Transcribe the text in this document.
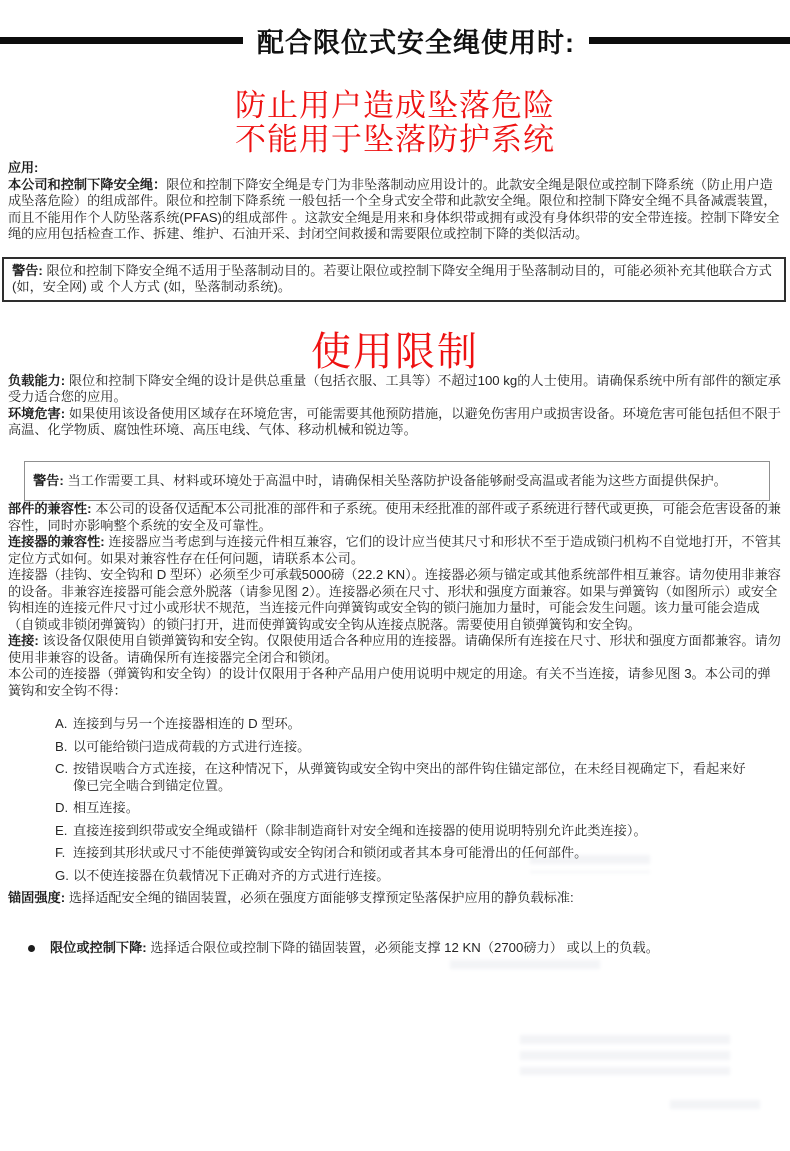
配合限位式安全绳使用时:
防止用户造成坠落危险
不能用于坠落防护系统
应用:

本公司和控制下降安全绳：限位和控制下降安全绳是专门为非坠落制动应用设计的。此款安全绳是限位或控制下降系统（防止用户造成坠落危险）的组成部件。限位和控制下降系统 一般包括一个全身式安全带和此款安全绳。限位和控制下降安全绳不具备减震装置，而且不能用作个人防坠落系统(PFAS)的组成部件 。这款安全绳是用来和身体织带或拥有或没有身体织带的安全带连接。控制下降安全绳的应用包括检查工作、拆建、维护、石油开采、封闭空间救援和需要限位或控制下降的类似活动。

警告: 限位和控制下降安全绳不适用于坠落制动目的。若要让限位或控制下降安全绳用于坠落制动目的，可能必须补充其他联合方式 (如，安全网) 或 个人方式 (如，坠落制动系统)。

使用限制

负载能力: 限位和控制下降安全绳的设计是供总重量（包括衣服、工具等）不超过100 kg的人士使用。请确保系统中所有部件的额定承受力适合您的应用。

环境危害: 如果使用该设备使用区域存在环境危害，可能需要其他预防措施，以避免伤害用户或损害设备。环境危害可能包括但不限于高温、化学物质、腐蚀性环境、高压电线、气体、移动机械和锐边等。

警告: 当工作需要工具、材料或环境处于高温中时，请确保相关坠落防护设备能够耐受高温或者能为这些方面提供保护。

部件的兼容性: 本公司的设备仅适配本公司批准的部件和子系统。使用未经批准的部件或子系统进行替代或更换，可能会危害设备的兼容性，同时亦影响整个系统的安全及可靠性。

连接器的兼容性: 连接器应当考虑到与连接元件相互兼容，它们的设计应当使其尺寸和形状不至于造成锁闩机构不自觉地打开，不管其定位方式如何。如果对兼容性存在任何问题，请联系本公司。

连接器（挂钩、安全钩和 D 型环）必须至少可承载5000磅（22.2 KN）。连接器必须与锚定或其他系统部件相互兼容。请勿使用非兼容的设备。非兼容连接器可能会意外脱落（请参见图 2）。连接器必须在尺寸、形状和强度方面兼容。如果与弹簧钩（如图所示）或安全钩相连的连接元件尺寸过小或形状不规范，当连接元件向弹簧钩或安全钩的锁闩施加力量时，可能会发生问题。该力量可能会造成（自锁或非锁闭弹簧钩）的锁闩打开，进而使弹簧钩或安全钩从连接点脱落。需要使用自锁弹簧钩和安全钩。

连接: 该设备仅限使用自锁弹簧钩和安全钩。仅限使用适合各种应用的连接器。请确保所有连接在尺寸、形状和强度方面都兼容。请勿使用非兼容的设备。请确保所有连接器完全闭合和锁闭。

本公司的连接器（弹簧钩和安全钩）的设计仅限用于各种产品用户使用说明中规定的用途。有关不当连接，请参见图 3。本公司的弹簧钩和安全钩不得：

A. 连接到与另一个连接器相连的 D 型环。
B. 以可能给锁闩造成荷载的方式进行连接。
C. 按错误啮合方式连接，在这种情况下，从弹簧钩或安全钩中突出的部件钩住锚定部位，在未经目视确定下，看起来好像已完全啮合到锚定位置。
D. 相互连接。
E. 直接连接到织带或安全绳或锚杆（除非制造商针对安全绳和连接器的使用说明特别允许此类连接）。
F. 连接到其形状或尺寸不能使弹簧钩或安全钩闭合和锁闭或者其本身可能滑出的任何部件。
G. 以不使连接器在负载情况下正确对齐的方式进行连接。

锚固强度: 选择适配安全绳的锚固装置，必须在强度方面能够支撑预定坠落保护应用的静负载标准:

限位或控制下降: 选择适合限位或控制下降的锚固装置，必须能支撑 12 KN（2700磅力） 或以上的负载。
